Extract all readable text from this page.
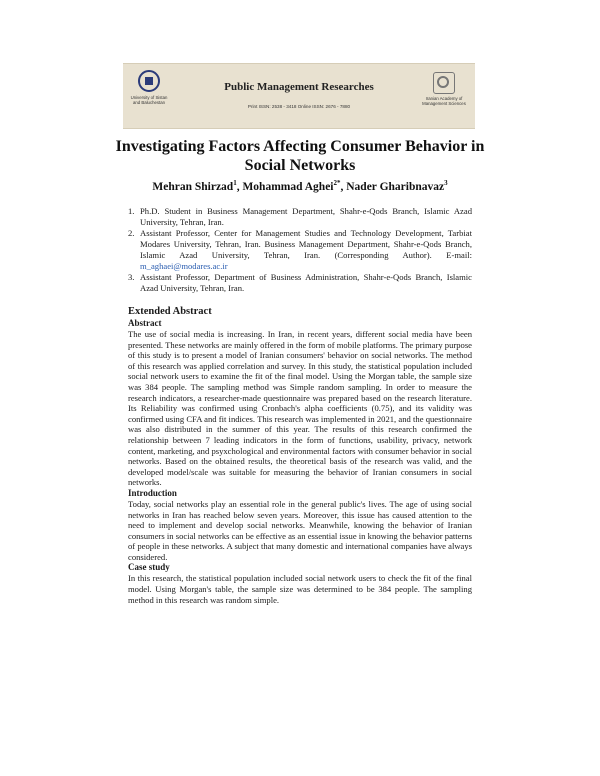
University of Sistan and Baluchestan
Public Management Researches
Print ISSN: 2538 - 3418 Online ISSN: 2676 - 7880
Iranian Academy of Management Sciences
Investigating Factors Affecting Consumer Behavior in Social Networks
Mehran Shirzad$^1$, Mohammad Aghei$^{2*}$, Nader Gharibnavaz$^3$
1. Ph.D. Student in Business Management Department, Shahr-e-Qods Branch, Islamic Azad University, Tehran, Iran.
2. Assistant Professor, Center for Management Studies and Technology Development, Tarbiat Modares University, Tehran, Iran. Business Management Department, Shahr-e-Qods Branch, Islamic Azad University, Tehran, Iran. (Corresponding Author). E-mail: m_aghaei@modares.ac.ir
3. Assistant Professor, Department of Business Administration, Shahr-e-Qods Branch, Islamic Azad University, Tehran, Iran.
Extended Abstract
Abstract

The use of social media is increasing. In Iran, in recent years, different social media have been presented. These networks are mainly offered in the form of mobile platforms. The primary purpose of this study is to present a model of Iranian consumers' behavior on social networks. The method of this research was applied correlation and survey. In this study, the statistical population included social network users to examine the fit of the final model. Using the Morgan table, the sample size was 384 people. The sampling method was Simple random sampling. In order to measure the research indicators, a researcher-made questionnaire was prepared based on the research literature. Its Reliability was confirmed using Cronbach's alpha coefficients (0.75), and its validity was confirmed using CFA and fit indices. This research was implemented in 2021, and the questionnaire was also distributed in the summer of this year. The results of this research confirmed the relationship between 7 leading indicators in the form of functions, usability, privacy, network content, marketing, and psyxchological and environmental factors with consumer behavior in social networks. Based on the obtained results, the theoretical basis of the research was valid, and the developed model/scale was suitable for measuring the behavior of Iranian consumers in social networks.

Introduction

Today, social networks play an essential role in the general public's lives. The age of using social networks in Iran has reached below seven years. Moreover, this issue has caused attention to the need to implement and develop social networks. Meanwhile, knowing the behavior of Iranian consumers in social networks can be effective as an essential issue in knowing the behavior patterns of people in these networks. A subject that many domestic and international companies have always considered.

Case study

In this research, the statistical population included social network users to check the fit of the final model. Using Morgan's table, the sample size was determined to be 384 people. The sampling method in this research was random simple.
